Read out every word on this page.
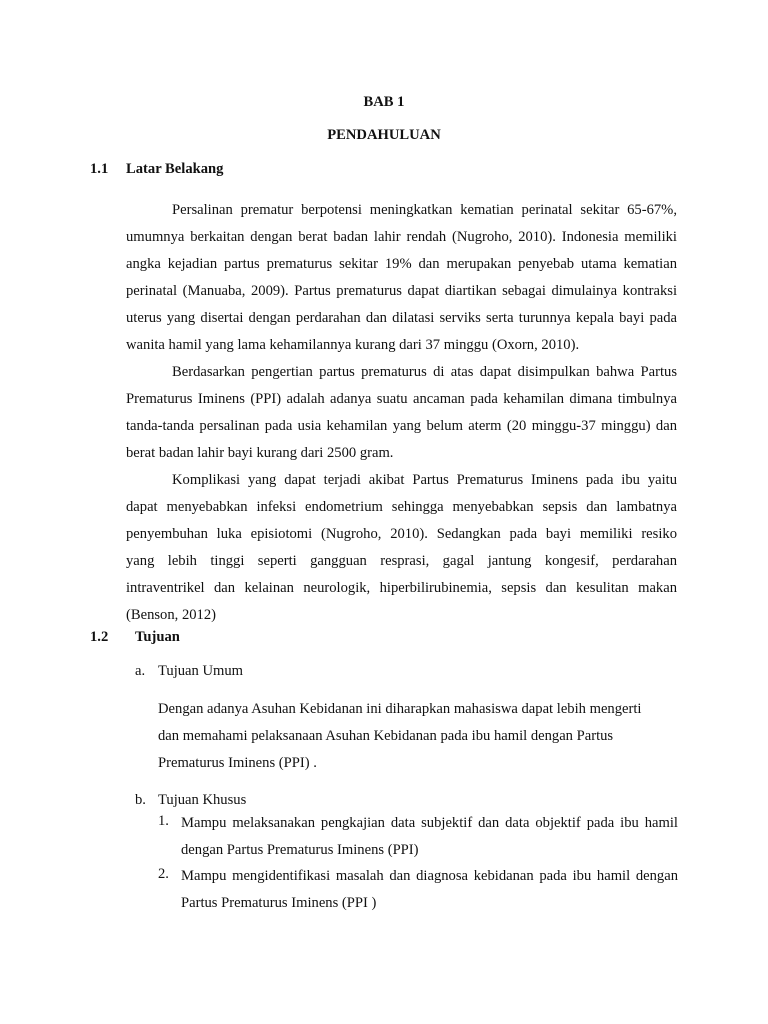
BAB 1
PENDAHULUAN
1.1 Latar Belakang
Persalinan prematur berpotensi meningkatkan kematian perinatal sekitar 65-67%,
umumnya berkaitan dengan berat badan lahir rendah (Nugroho, 2010). Indonesia memiliki
angka kejadian partus prematurus sekitar 19% dan merupakan penyebab utama kematian
perinatal (Manuaba, 2009). Partus prematurus dapat diartikan sebagai dimulainya kontraksi
uterus yang disertai dengan perdarahan dan dilatasi serviks serta turunnya kepala bayi pada
wanita hamil yang lama kehamilannya kurang dari 37 minggu (Oxorn, 2010).
Berdasarkan pengertian partus prematurus di atas dapat disimpulkan bahwa Partus
Prematurus Iminens (PPI) adalah adanya suatu ancaman pada kehamilan dimana timbulnya
tanda-tanda persalinan pada usia kehamilan yang belum aterm (20 minggu-37 minggu) dan
berat badan lahir bayi kurang dari 2500 gram.
Komplikasi yang dapat terjadi akibat Partus Prematurus Iminens pada ibu yaitu
dapat menyebabkan infeksi endometrium sehingga menyebabkan sepsis dan lambatnya
penyembuhan luka episiotomi (Nugroho, 2010). Sedangkan pada bayi memiliki resiko
yang lebih tinggi seperti gangguan resprasi, gagal jantung kongesif, perdarahan
intraventrikel dan kelainan neurologik, hiperbilirubinemia, sepsis dan kesulitan makan
(Benson, 2012)
1.2 Tujuan
a. Tujuan Umum
Dengan adanya Asuhan Kebidanan ini diharapkan mahasiswa dapat lebih mengerti
dan memahami pelaksanaan Asuhan Kebidanan pada ibu hamil dengan Partus
Prematurus Iminens (PPI) .
b. Tujuan Khusus
1. Mampu melaksanakan pengkajian data subjektif dan data objektif pada ibu hamil
dengan Partus Prematurus Iminens (PPI)
2. Mampu mengidentifikasi masalah dan diagnosa kebidanan pada ibu hamil dengan
Partus Prematurus Iminens (PPI )
